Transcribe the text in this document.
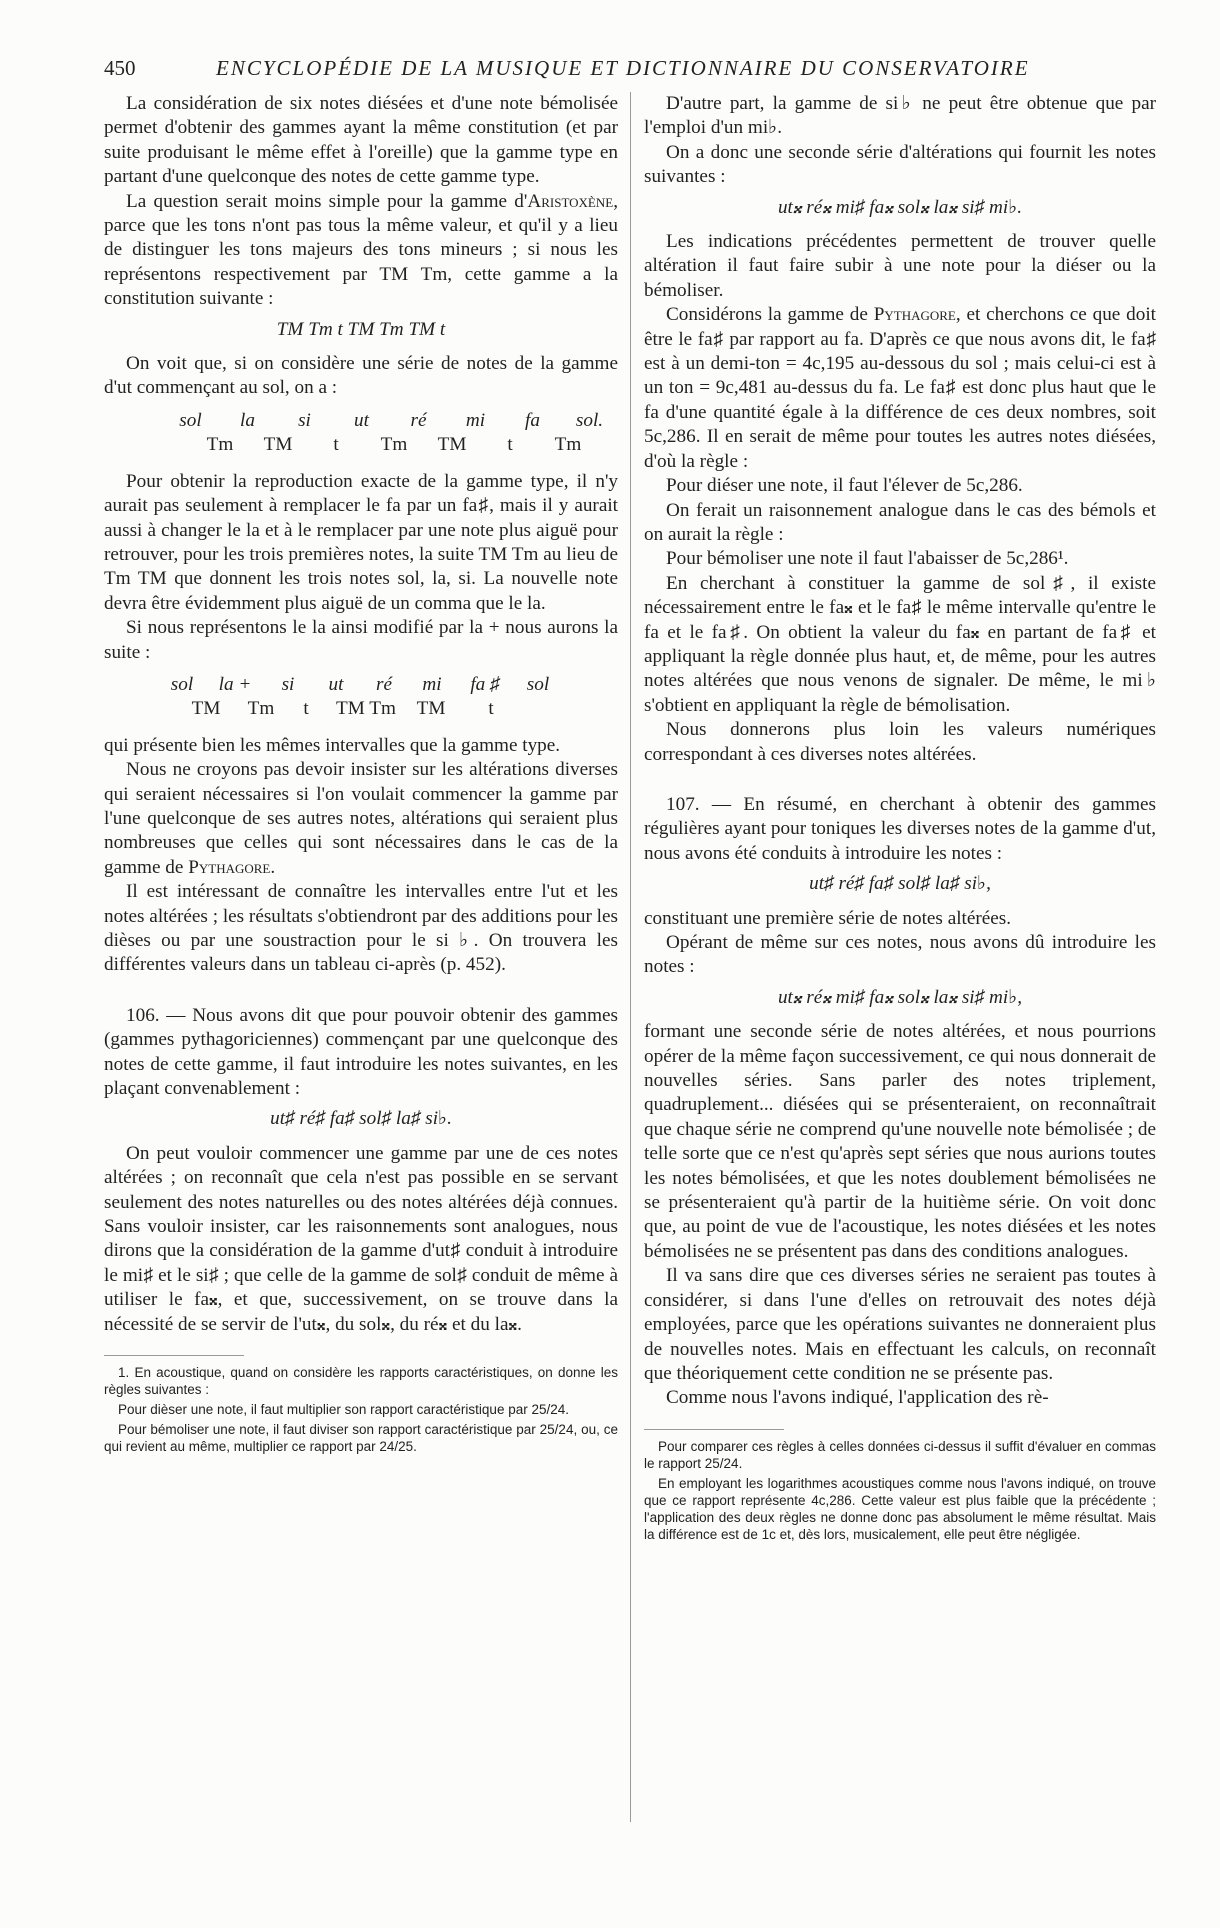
450	ENCYCLOPÉDIE DE LA MUSIQUE ET DICTIONNAIRE DU CONSERVATOIRE

La considération de six notes diésées et d'une note bémolisée permet d'obtenir des gammes ayant la même constitution (et par suite produisant le même effet à l'oreille) que la gamme type en partant d'une quelconque des notes de cette gamme type.

La question serait moins simple pour la gamme d'Aristoxène, parce que les tons n'ont pas tous la même valeur, et qu'il y a lieu de distinguer les tons majeurs des tons mineurs ; si nous les représentons respectivement par TM Tm, cette gamme a la constitution suivante :

TM Tm t TM Tm TM t

On voit que, si on considère une série de notes de la gamme d'ut commençant au sol, on a :

sol	la	si	ut	ré	mi	fa	sol.
Tm	TM	t	Tm	TM	t	Tm

Pour obtenir la reproduction exacte de la gamme type, il n'y aurait pas seulement à remplacer le fa par un fa♯, mais il y aurait aussi à changer le la et à le remplacer par une note plus aiguë pour retrouver, pour les trois premières notes, la suite TM Tm au lieu de Tm TM que donnent les trois notes sol, la, si. La nouvelle note devra être évidemment plus aiguë de un comma que le la.

Si nous représentons le la ainsi modifié par la + nous aurons la suite :

sol	la +	si	ut	ré	mi	fa ♯	sol
TM	Tm	t	TM Tm	TM	t

qui présente bien les mêmes intervalles que la gamme type.

Nous ne croyons pas devoir insister sur les altérations diverses qui seraient nécessaires si l'on voulait commencer la gamme par l'une quelconque de ses autres notes, altérations qui seraient plus nombreuses que celles qui sont nécessaires dans le cas de la gamme de Pythagore.

Il est intéressant de connaître les intervalles entre l'ut et les notes altérées ; les résultats s'obtiendront par des additions pour les dièses ou par une soustraction pour le si ♭. On trouvera les différentes valeurs dans un tableau ci-après (p. 452).

106. — Nous avons dit que pour pouvoir obtenir des gammes (gammes pythagoriciennes) commençant par une quelconque des notes de cette gamme, il faut introduire les notes suivantes, en les plaçant convenablement :

ut♯ ré♯ fa♯ sol♯ la♯ si♭.

On peut vouloir commencer une gamme par une de ces notes altérées ; on reconnaît que cela n'est pas possible en se servant seulement des notes naturelles ou des notes altérées déjà connues. Sans vouloir insister, car les raisonnements sont analogues, nous dirons que la considération de la gamme d'ut♯ conduit à introduire le mi♯ et le si♯ ; que celle de la gamme de sol♯ conduit de même à utiliser le fa𝄪, et que, successivement, on se trouve dans la nécessité de se servir de l'ut𝄪, du sol𝄪, du ré𝄪 et du la𝄪.

1. En acoustique, quand on considère les rapports caractéristiques, on donne les règles suivantes :

Pour dièser une note, il faut multiplier son rapport caractéristique par 25/24.

Pour bémoliser une note, il faut diviser son rapport caractéristique par 25/24, ou, ce qui revient au même, multiplier ce rapport par 24/25.

D'autre part, la gamme de si♭ ne peut être obtenue que par l'emploi d'un mi♭.

On a donc une seconde série d'altérations qui fournit les notes suivantes :

ut𝄪 ré𝄪 mi♯ fa𝄪 sol𝄪 la𝄪 si♯ mi♭.

Les indications précédentes permettent de trouver quelle altération il faut faire subir à une note pour la diéser ou la bémoliser.

Considérons la gamme de Pythagore, et cherchons ce que doit être le fa♯ par rapport au fa. D'après ce que nous avons dit, le fa♯ est à un demi-ton = 4c,195 au-dessous du sol ; mais celui-ci est à un ton = 9c,481 au-dessus du fa. Le fa♯ est donc plus haut que le fa d'une quantité égale à la différence de ces deux nombres, soit 5c,286. Il en serait de même pour toutes les autres notes diésées, d'où la règle :

Pour diéser une note, il faut l'élever de 5c,286.

On ferait un raisonnement analogue dans le cas des bémols et on aurait la règle :

Pour bémoliser une note il faut l'abaisser de 5c,286¹.

En cherchant à constituer la gamme de sol♯, il existe nécessairement entre le fa𝄪 et le fa♯ le même intervalle qu'entre le fa et le fa♯. On obtient la valeur du fa𝄪 en partant de fa♯ et appliquant la règle donnée plus haut, et, de même, pour les autres notes altérées que nous venons de signaler. De même, le mi♭ s'obtient en appliquant la règle de bémolisation.

Nous donnerons plus loin les valeurs numériques correspondant à ces diverses notes altérées.

107. — En résumé, en cherchant à obtenir des gammes régulières ayant pour toniques les diverses notes de la gamme d'ut, nous avons été conduits à introduire les notes :

ut♯ ré♯ fa♯ sol♯ la♯ si♭,

constituant une première série de notes altérées.

Opérant de même sur ces notes, nous avons dû introduire les notes :

ut𝄪 ré𝄪 mi♯ fa𝄪 sol𝄪 la𝄪 si♯ mi♭,

formant une seconde série de notes altérées, et nous pourrions opérer de la même façon successivement, ce qui nous donnerait de nouvelles séries. Sans parler des notes triplement, quadruplement... diésées qui se présenteraient, on reconnaîtrait que chaque série ne comprend qu'une nouvelle note bémolisée ; de telle sorte que ce n'est qu'après sept séries que nous aurions toutes les notes bémolisées, et que les notes doublement bémolisées ne se présenteraient qu'à partir de la huitième série. On voit donc que, au point de vue de l'acoustique, les notes diésées et les notes bémolisées ne se présentent pas dans des conditions analogues.

Il va sans dire que ces diverses séries ne seraient pas toutes à considérer, si dans l'une d'elles on retrouvait des notes déjà employées, parce que les opérations suivantes ne donneraient plus de nouvelles notes. Mais en effectuant les calculs, on reconnaît que théoriquement cette condition ne se présente pas.

Comme nous l'avons indiqué, l'application des rè-

Pour comparer ces règles à celles données ci-dessus il suffit d'évaluer en commas le rapport 25/24.

En employant les logarithmes acoustiques comme nous l'avons indiqué, on trouve que ce rapport représente 4c,286. Cette valeur est plus faible que la précédente ; l'application des deux règles ne donne donc pas absolument le même résultat. Mais la différence est de 1c et, dès lors, musicalement, elle peut être négligée.
